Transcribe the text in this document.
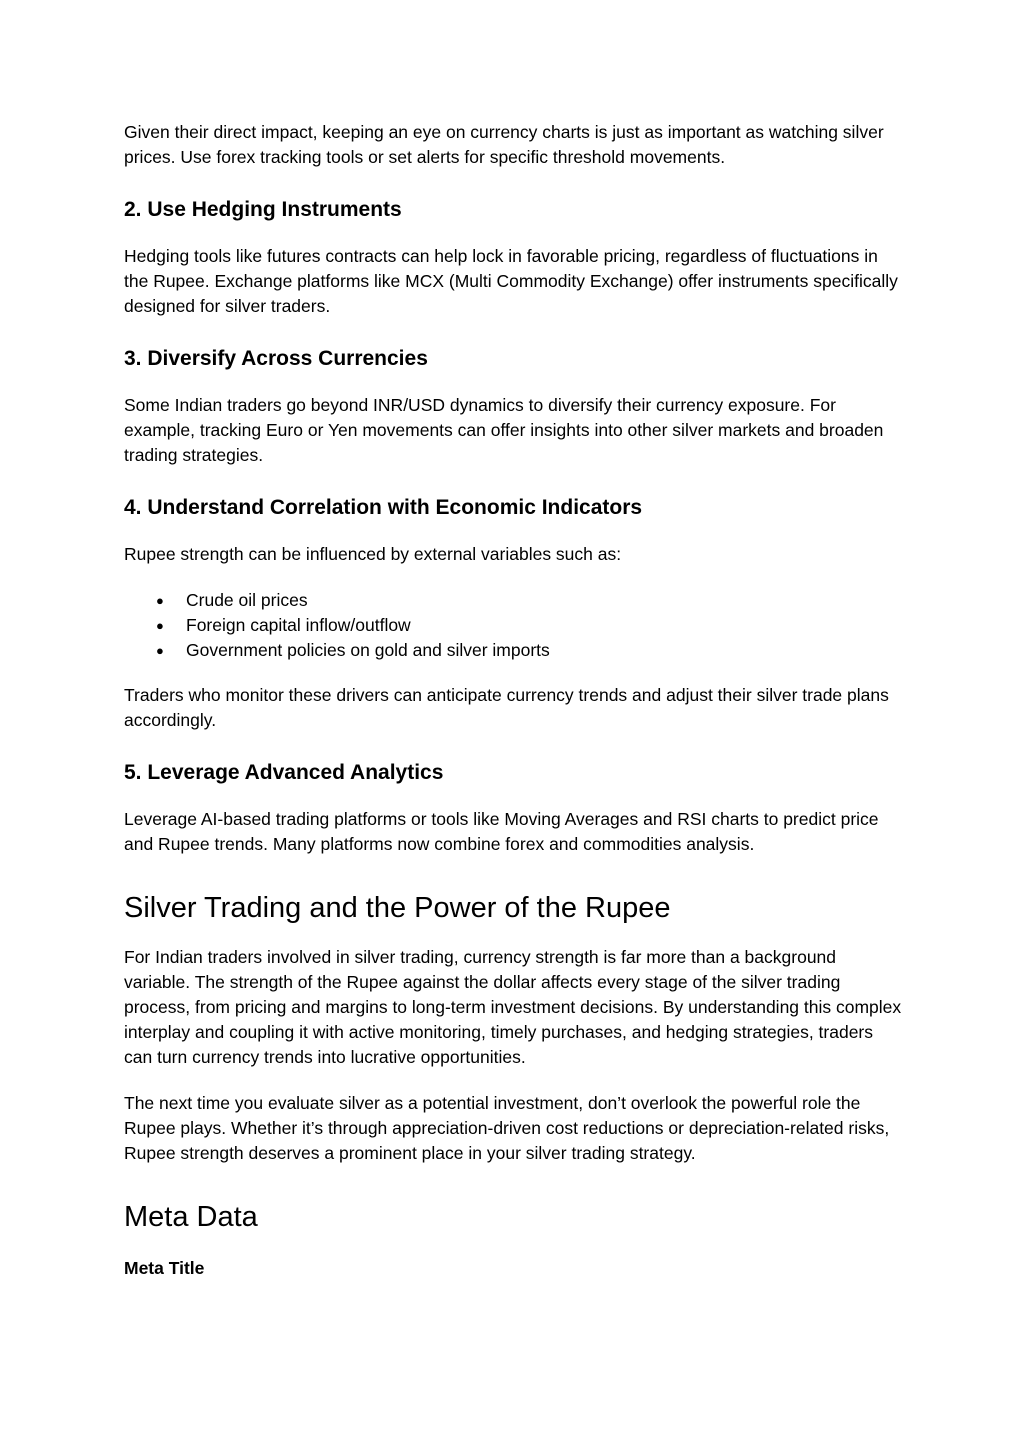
Given their direct impact, keeping an eye on currency charts is just as important as watching silver prices. Use forex tracking tools or set alerts for specific threshold movements.

2. Use Hedging Instruments

Hedging tools like futures contracts can help lock in favorable pricing, regardless of fluctuations in the Rupee. Exchange platforms like MCX (Multi Commodity Exchange) offer instruments specifically designed for silver traders.

3. Diversify Across Currencies

Some Indian traders go beyond INR/USD dynamics to diversify their currency exposure. For example, tracking Euro or Yen movements can offer insights into other silver markets and broaden trading strategies.

4. Understand Correlation with Economic Indicators

Rupee strength can be influenced by external variables such as:

● Crude oil prices
● Foreign capital inflow/outflow
● Government policies on gold and silver imports

Traders who monitor these drivers can anticipate currency trends and adjust their silver trade plans accordingly.

5. Leverage Advanced Analytics

Leverage AI-based trading platforms or tools like Moving Averages and RSI charts to predict price and Rupee trends. Many platforms now combine forex and commodities analysis.

Silver Trading and the Power of the Rupee

For Indian traders involved in silver trading, currency strength is far more than a background variable. The strength of the Rupee against the dollar affects every stage of the silver trading process, from pricing and margins to long-term investment decisions. By understanding this complex interplay and coupling it with active monitoring, timely purchases, and hedging strategies, traders can turn currency trends into lucrative opportunities.

The next time you evaluate silver as a potential investment, don’t overlook the powerful role the Rupee plays. Whether it’s through appreciation-driven cost reductions or depreciation-related risks, Rupee strength deserves a prominent place in your silver trading strategy.

Meta Data
Meta Title
